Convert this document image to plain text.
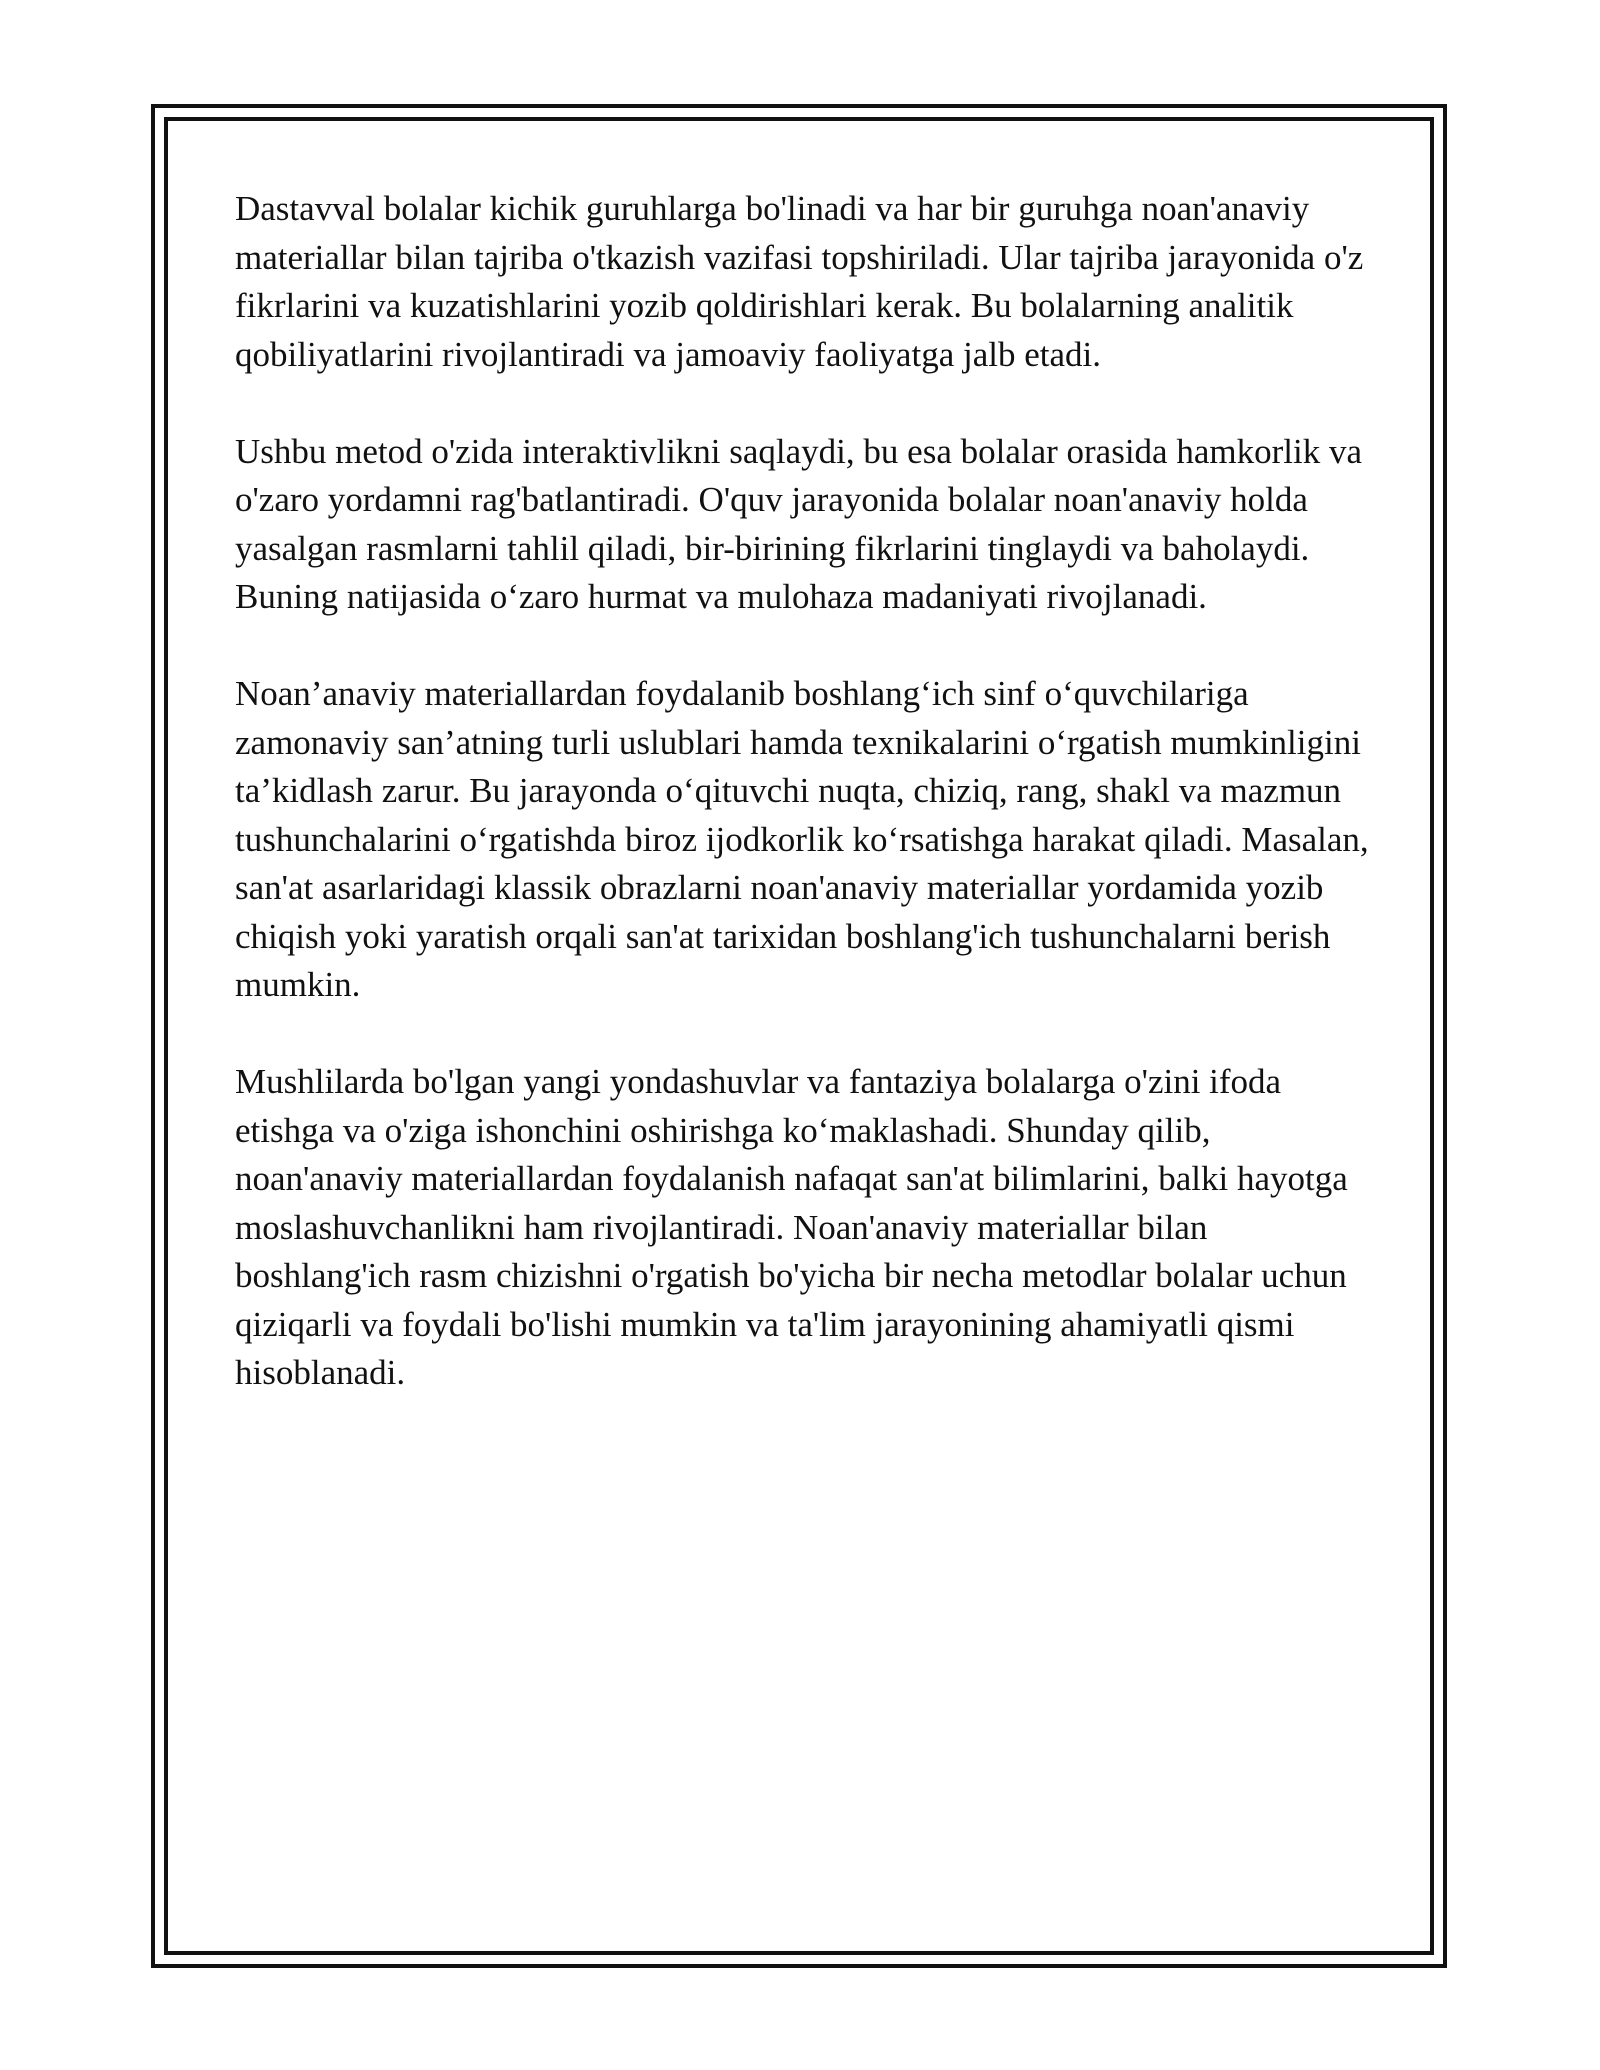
Dastavval bolalar kichik guruhlarga bo'linadi va har bir guruhga noan'anaviy materiallar bilan tajriba o'tkazish vazifasi topshiriladi. Ular tajriba jarayonida o'z fikrlarini va kuzatishlarini yozib qoldirishlari kerak. Bu bolalarning analitik qobiliyatlarini rivojlantiradi va jamoaviy faoliyatga jalb etadi.

Ushbu metod o'zida interaktivlikni saqlaydi, bu esa bolalar orasida hamkorlik va o'zaro yordamni rag'batlantiradi. O'quv jarayonida bolalar noan'anaviy holda yasalgan rasmlarni tahlil qiladi, bir-birining fikrlarini tinglaydi va baholaydi. Buning natijasida o‘zaro hurmat va mulohaza madaniyati rivojlanadi.

Noan’anaviy materiallardan foydalanib boshlang‘ich sinf o‘quvchilariga zamonaviy san’atning turli uslublari hamda texnikalarini o‘rgatish mumkinligini ta’kidlash zarur. Bu jarayonda o‘qituvchi nuqta, chiziq, rang, shakl va mazmun tushunchalarini o‘rgatishda biroz ijodkorlik ko‘rsatishga harakat qiladi. Masalan, san'at asarlaridagi klassik obrazlarni noan'anaviy materiallar yordamida yozib chiqish yoki yaratish orqali san'at tarixidan boshlang'ich tushunchalarni berish mumkin.

Mushlilarda bo'lgan yangi yondashuvlar va fantaziya bolalarga o'zini ifoda etishga va o'ziga ishonchini oshirishga ko‘maklashadi. Shunday qilib, noan'anaviy materiallardan foydalanish nafaqat san'at bilimlarini, balki hayotga moslashuvchanlikni ham rivojlantiradi. Noan'anaviy materiallar bilan boshlang'ich rasm chizishni o'rgatish bo'yicha bir necha metodlar bolalar uchun qiziqarli va foydali bo'lishi mumkin va ta'lim jarayonining ahamiyatli qismi hisoblanadi.
